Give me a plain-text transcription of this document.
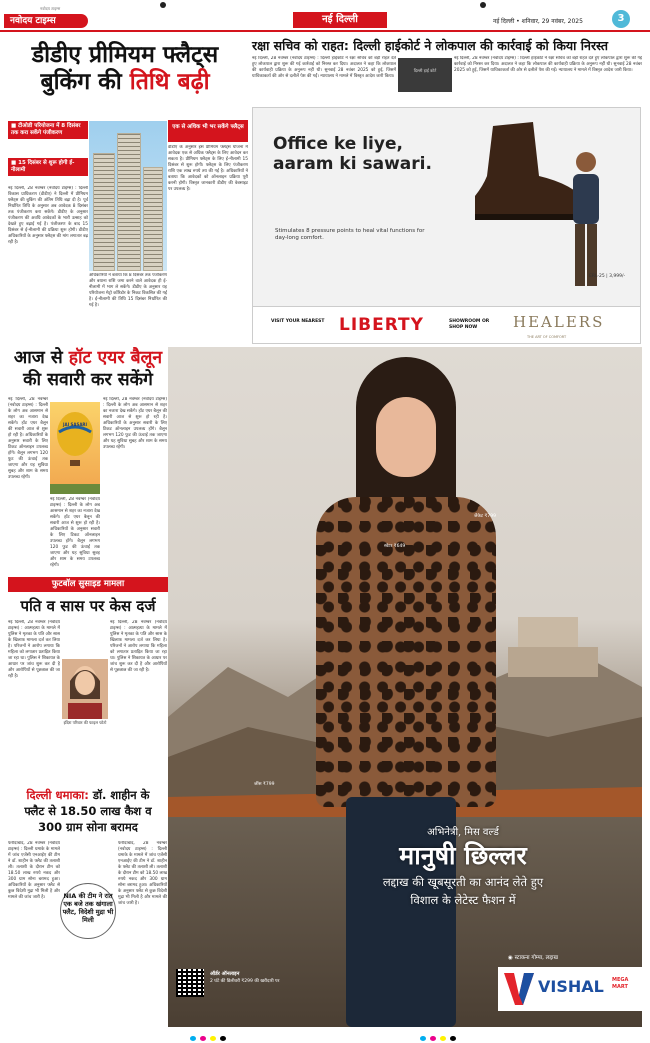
नवोदय टाइम्स
नवोदय टाइम्स	नई दिल्ली	नई दिल्ली • शनिवार, 29 नवंबर, 2025	3
डीडीए प्रीमियम फ्लैट्स
बुकिंग की तिथि बढ़ी
■ टीओडी परियोजना में 8 दिसंबर तक करा सकेंगे पंजीकरण
■ 15 दिसंबर से शुरू होगी ई-नीलामी
नई दिल्ली, 28 नवम्बर (नवोदय टाइम्स) : दिल्ली विकास प्राधिकरण (डीडीए) ने दिल्ली में प्रीमियम फ्लैट्स की बुकिंग की अंतिम तिथि बढ़ा दी है। पूर्व निर्धारित तिथि के अनुसार अब आवेदक 8 दिसंबर तक पंजीकरण करा सकेंगे। डीडीए के अनुसार पंजीकरण की अवधि आवेदकों के भारी उत्साह को देखते हुए बढ़ाई गई है। पंजीकरण के बाद 15 दिसंबर से ई-नीलामी की प्रक्रिया शुरू होगी। डीडीए अधिकारियों के अनुसार फ्लैट्स की मांग लगातार बढ़ रही है।
अधिकारियों ने बताया कि 8 दिसंबर तक पंजीकरण और बयाना राशि जमा करने वाले आवेदक ही ई-नीलामी में भाग ले सकेंगे। डीडीए के अनुसार यह परियोजना मेट्रो कॉरिडोर के निकट विकसित की गई है। ई-नीलामी की तिथि 15 दिसंबर निर्धारित की गई है।
एक से अधिक भी भर सकेंगे फ्लैट्स
डीडीए के अनुसार इस प्रीमियम फ्लैट्स योजना में आवेदक एक से अधिक फ्लैट्स के लिए आवेदन कर सकता है। प्रीमियम फ्लैट्स के लिए ई-नीलामी 15 दिसंबर से शुरू होगी। फ्लैट्स के लिए पंजीकरण राशि एक लाख रुपये तय की गई है। अधिकारियों ने बताया कि आवेदकों को ऑनलाइन प्रक्रिया पूरी करनी होगी। विस्तृत जानकारी डीडीए की वेबसाइट पर उपलब्ध है।
रक्षा सचिव को राहत: दिल्ली हाईकोर्ट ने लोकपाल की कार्रवाई को किया निरस्त
नई दिल्ली, 28 नवम्बर (नवोदय टाइम्स) : दिल्ली हाईकोर्ट ने रक्षा सचिव को बड़ी राहत देते हुए लोकपाल द्वारा शुरू की गई कार्रवाई को निरस्त कर दिया। अदालत ने कहा कि लोकपाल की कार्यवाही प्रक्रिया के अनुरूप नहीं थी। सुनवाई 28 नवंबर 2025 को हुई, जिसमें याचिकाकर्ता की ओर से दलीलें पेश की गईं। न्यायालय ने मामले में विस्तृत आदेश जारी किया।
दिल्ली हाई कोर्ट
नई दिल्ली, 28 नवम्बर (नवोदय टाइम्स) : दिल्ली हाईकोर्ट ने रक्षा सचिव को बड़ी राहत देते हुए लोकपाल द्वारा शुरू की गई कार्रवाई को निरस्त कर दिया। अदालत ने कहा कि लोकपाल की कार्यवाही प्रक्रिया के अनुरूप नहीं थी। सुनवाई 28 नवंबर 2025 को हुई, जिसमें याचिकाकर्ता की ओर से दलीलें पेश की गईं। न्यायालय ने मामले में विस्तृत आदेश जारी किया।
Office ke liye,
aaram ki sawari.
Stimulates 8 pressure points to heal vital functions for day-long comfort.
ERL-25 | 3,999/-
VISIT YOUR NEAREST LIBERTY	SHOWROOM OR SHOP NOW	HEALERS
THE ART OF COMFORT
आज से हॉट एयर बैलून
की सवारी कर सकेंगे
नई दिल्ली, 28 नवम्बर (नवोदय टाइम्स) : दिल्ली के लोग अब आसमान से शहर का नजारा देख सकेंगे। हॉट एयर बैलून की सवारी आज से शुरू हो रही है। अधिकारियों के अनुसार सवारी के लिए टिकट ऑनलाइन उपलब्ध होंगे। बैलून लगभग 120 फुट की ऊंचाई तक जाएगा और यह सुविधा सुबह और शाम के समय उपलब्ध रहेगी।
JAI SASARI
नई दिल्ली, 28 नवम्बर (नवोदय टाइम्स) : दिल्ली के लोग अब आसमान से शहर का नजारा देख सकेंगे। हॉट एयर बैलून की सवारी आज से शुरू हो रही है। अधिकारियों के अनुसार सवारी के लिए टिकट ऑनलाइन उपलब्ध होंगे। बैलून लगभग 120 फुट की ऊंचाई तक जाएगा और यह सुविधा सुबह और शाम के समय उपलब्ध रहेगी।
नई दिल्ली, 28 नवम्बर (नवोदय टाइम्स) : दिल्ली के लोग अब आसमान से शहर का नजारा देख सकेंगे। हॉट एयर बैलून की सवारी आज से शुरू हो रही है। अधिकारियों के अनुसार सवारी के लिए टिकट ऑनलाइन उपलब्ध होंगे। बैलून लगभग 120 फुट की ऊंचाई तक जाएगा और यह सुविधा सुबह और शाम के समय उपलब्ध रहेगी।
फुटबॉल सुसाइड मामला
पति व सास पर केस दर्ज
नई दिल्ली, 28 नवम्बर (नवोदय टाइम्स) : आत्महत्या के मामले में पुलिस ने मृतका के पति और सास के खिलाफ मामला दर्ज कर लिया है। परिजनों ने आरोप लगाया कि महिला को लगातार प्रताड़ित किया जा रहा था। पुलिस ने शिकायत के आधार पर जांच शुरू कर दी है और आरोपियों से पूछताछ की जा रही है।
इंदिरा परिवार की फाइल फोटो
नई दिल्ली, 28 नवम्बर (नवोदय टाइम्स) : आत्महत्या के मामले में पुलिस ने मृतका के पति और सास के खिलाफ मामला दर्ज कर लिया है। परिजनों ने आरोप लगाया कि महिला को लगातार प्रताड़ित किया जा रहा था। पुलिस ने शिकायत के आधार पर जांच शुरू कर दी है और आरोपियों से पूछताछ की जा रही है।
दिल्ली धमाका: डॉ. शाहीन के
फ्लैट से 18.50 लाख कैश व
300 ग्राम सोना बरामद
फरीदाबाद, 28 नवम्बर (नवोदय टाइम्स) : दिल्ली धमाके के मामले में जांच एजेंसी एनआईए की टीम ने डॉ. शाहीन के फ्लैट की तलाशी ली। तलाशी के दौरान टीम को 18.50 लाख रुपये नकद और 300 ग्राम सोना बरामद हुआ। अधिकारियों के अनुसार फ्लैट से कुछ विदेशी मुद्रा भी मिली है और मामले की जांच जारी है।	NIA की टीम ने रात एक बजे तक खंगाला फ्लैट, विदेशी मुद्रा भी मिली
फरीदाबाद, 28 नवम्बर (नवोदय टाइम्स) : दिल्ली धमाके के मामले में जांच एजेंसी एनआईए की टीम ने डॉ. शाहीन के फ्लैट की तलाशी ली। तलाशी के दौरान टीम को 18.50 लाख रुपये नकद और 300 ग्राम सोना बरामद हुआ। अधिकारियों के अनुसार फ्लैट से कुछ विदेशी मुद्रा भी मिली है और मामले की जांच जारी है।
जैकेट ₹799
स्वेटर ₹649
जींस ₹799
अभिनेत्री, मिस वर्ल्ड
मानुषी छिल्लर
लद्दाख की खूबसूरती का आनंद लेते हुए
विशाल के लेटेस्ट फैशन में
◉ स्टाकना गोम्पा, लद्दाख
ऑर्डर ऑनलाइन
2 घंटे की डिलीवरी ₹299 की खरीदारी पर	VISHAL MEGA MART
